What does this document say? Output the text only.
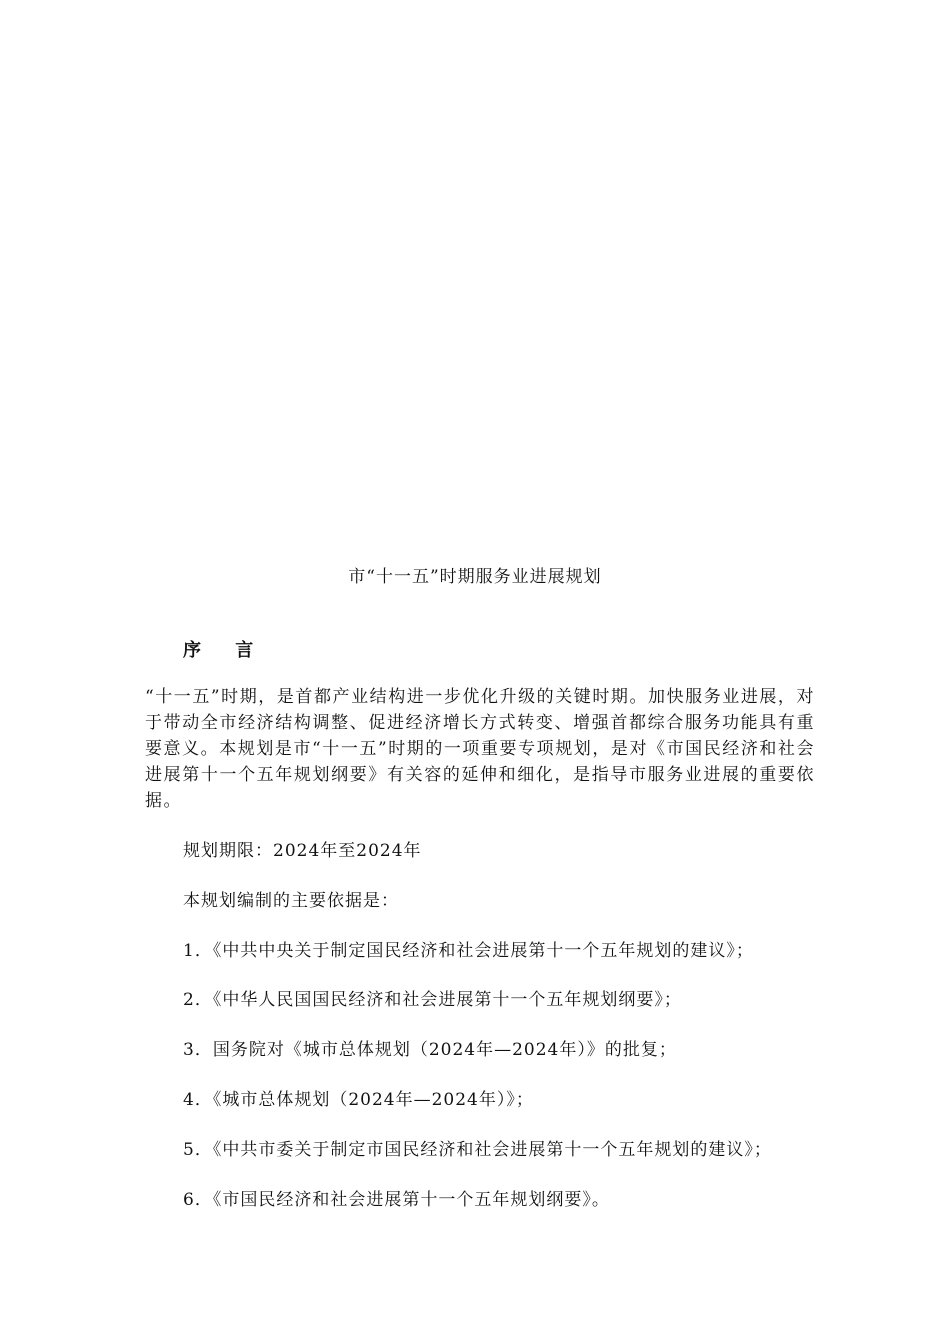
市“十一五”时期服务业进展规划
序 言

“十一五”时期，是首都产业结构进一步优化升级的关键时期。加快服务业进展，对于带动全市经济结构调整、促进经济增长方式转变、增强首都综合服务功能具有重要意义。本规划是市“十一五”时期的一项重要专项规划，是对《市国民经济和社会进展第十一个五年规划纲要》有关容的延伸和细化，是指导市服务业进展的重要依据。

规划期限：2024年至2024年

本规划编制的主要依据是：

1．《中共中央关于制定国民经济和社会进展第十一个五年规划的建议》；
2．《中华人民国国民经济和社会进展第十一个五年规划纲要》；
3．国务院对《城市总体规划（2024年—2024年）》的批复；
4．《城市总体规划（2024年—2024年）》；
5．《中共市委关于制定市国民经济和社会进展第十一个五年规划的建议》；
6．《市国民经济和社会进展第十一个五年规划纲要》。
